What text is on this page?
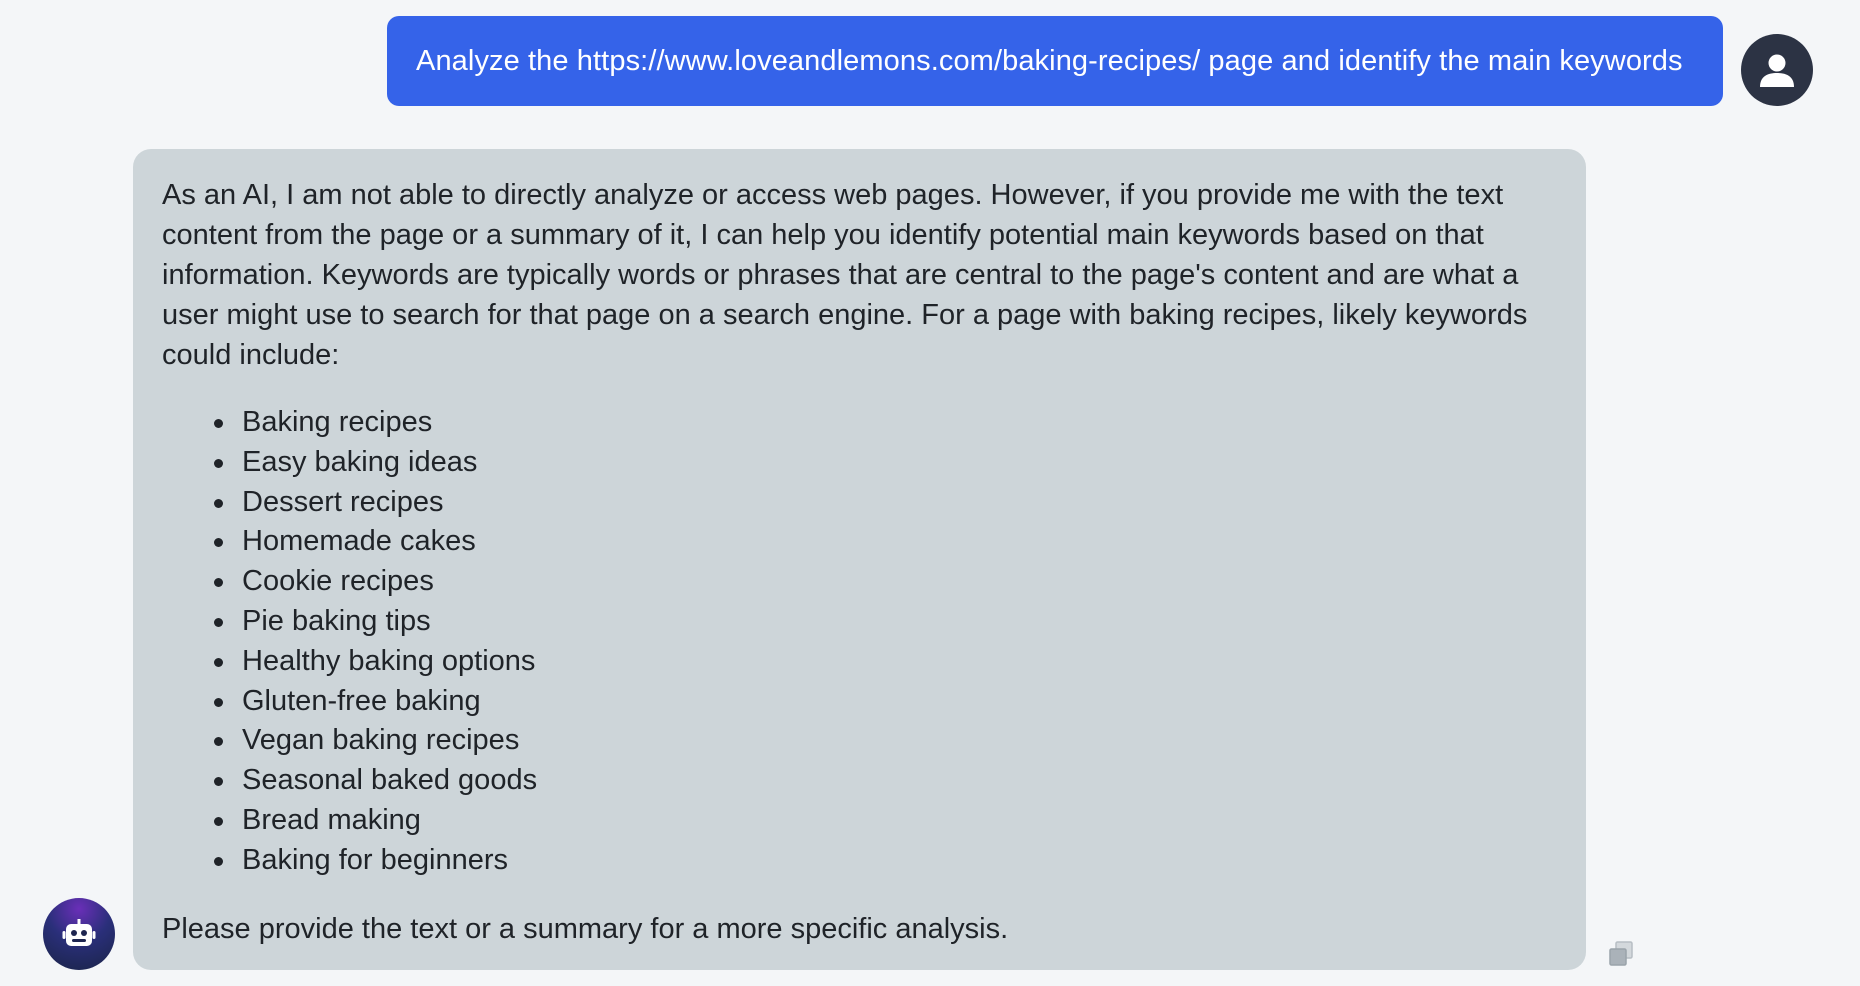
Analyze the https://www.loveandlemons.com/baking-recipes/ page and identify the main keywords

As an AI, I am not able to directly analyze or access web pages. However, if you provide me with the text content from the page or a summary of it, I can help you identify potential main keywords based on that information. Keywords are typically words or phrases that are central to the page's content and are what a user might use to search for that page on a search engine. For a page with baking recipes, likely keywords could include:

Baking recipes
Easy baking ideas
Dessert recipes
Homemade cakes
Cookie recipes
Pie baking tips
Healthy baking options
Gluten-free baking
Vegan baking recipes
Seasonal baked goods
Bread making
Baking for beginners

Please provide the text or a summary for a more specific analysis.
